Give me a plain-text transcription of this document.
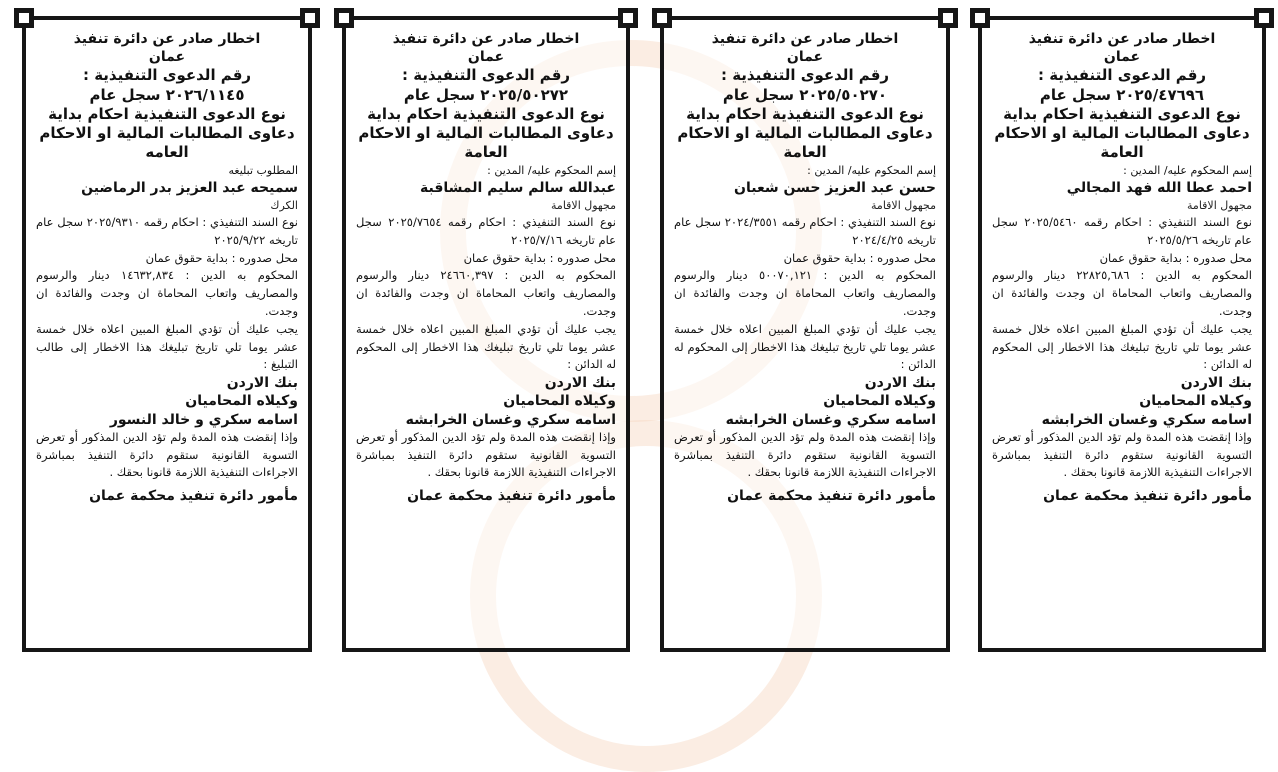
اخطار صادر عن دائرة تنفيذ
عمان
رقم الدعوى التنفيذية :
٢٠٢٥/٤٧٦٩٦ سجل عام
نوع الدعوى التنفيذية احكام بداية
دعاوى المطالبات المالية او الاحكام العامة
إسم المحكوم عليه/ المدين :
احمد عطا الله فهد المجالي
مجهول الاقامة
نوع السند التنفيذي : احكام رقمه ٢٠٢٥/٥٤٦٠ سجل عام تاريخه ٢٠٢٥/٥/٢٦
محل صدوره : بداية حقوق عمان
المحكوم به الدين : ٢٢٨٢٥,٦٨٦ دينار والرسوم والمصاريف واتعاب المحاماة ان وجدت والفائدة ان وجدت.
يجب عليك أن تؤدي المبلغ المبين اعلاه خلال خمسة عشر يوما تلي تاريخ تبليغك هذا الاخطار إلى المحكوم له الدائن :
بنك الاردن
وكيلاه المحاميان
اسامه سكري وغسان الخرابشه
وإذا إنقضت هذه المدة ولم تؤد الدين المذكور أو تعرض التسوية القانونية ستقوم دائرة التنفيذ بمباشرة الاجراءات التنفيذية اللازمة قانونا بحقك .
مأمور دائرة تنفيذ محكمة عمان
اخطار صادر عن دائرة تنفيذ
عمان
رقم الدعوى التنفيذية :
٢٠٢٥/٥٠٢٧٠ سجل عام
نوع الدعوى التنفيذية احكام بداية
دعاوى المطالبات المالية او الاحكام العامة
إسم المحكوم عليه/ المدين :
حسن عبد العزيز حسن شعبان
مجهول الاقامة
نوع السند التنفيذي : احكام رقمه ٢٠٢٤/٣٥٥١ سجل عام تاريخه ٢٠٢٤/٤/٢٥
محل صدوره : بداية حقوق عمان
المحكوم به الدين : ٥٠٠٧٠,١٢١ دينار والرسوم والمصاريف واتعاب المحاماة ان وجدت والفائدة ان وجدت.
يجب عليك أن تؤدي المبلغ المبين اعلاه خلال خمسة عشر يوما تلي تاريخ تبليغك هذا الاخطار إلى المحكوم له الدائن :
بنك الاردن
وكيلاه المحاميان
اسامه سكري وغسان الخرابشه
وإذا إنقضت هذه المدة ولم تؤد الدين المذكور أو تعرض التسوية القانونية ستقوم دائرة التنفيذ بمباشرة الاجراءات التنفيذية اللازمة قانونا بحقك .
مأمور دائرة تنفيذ محكمة عمان
اخطار صادر عن دائرة تنفيذ
عمان
رقم الدعوى التنفيذية :
٢٠٢٥/٥٠٢٧٢ سجل عام
نوع الدعوى التنفيذية احكام بداية
دعاوى المطالبات المالية او الاحكام العامة
إسم المحكوم عليه/ المدين :
عبدالله سالم سليم المشاقبة
مجهول الاقامة
نوع السند التنفيذي : احكام رقمه ٢٠٢٥/٧٦٥٤ سجل عام تاريخه ٢٠٢٥/٧/١٦
محل صدوره : بداية حقوق عمان
المحكوم به الدين : ٢٤٦٦٠,٣٩٧ دينار والرسوم والمصاريف واتعاب المحاماة ان وجدت والفائدة ان وجدت.
يجب عليك أن تؤدي المبلغ المبين اعلاه خلال خمسة عشر يوما تلي تاريخ تبليغك هذا الاخطار إلى المحكوم له الدائن :
بنك الاردن
وكيلاه المحاميان
اسامه سكري وغسان الخرابشه
وإذا إنقضت هذه المدة ولم تؤد الدين المذكور أو تعرض التسوية القانونية ستقوم دائرة التنفيذ بمباشرة الاجراءات التنفيذية اللازمة قانونا بحقك .
مأمور دائرة تنفيذ محكمة عمان
اخطار صادر عن دائرة تنفيذ
عمان
رقم الدعوى التنفيذية :
٢٠٢٦/١١٤٥ سجل عام
نوع الدعوى التنفيذية احكام بداية
دعاوى المطالبات المالية او الاحكام العامه
المطلوب تبليغه
سميحه عبد العزيز بدر الرماضين
الكرك
نوع السند التنفيذي : احكام رقمه ٢٠٢٥/٩٣١٠ سجل عام تاريخه ٢٠٢٥/٩/٢٢
محل صدوره : بداية حقوق عمان
المحكوم به الدين : ١٤٦٣٢,٨٣٤ دينار والرسوم والمصاريف واتعاب المحاماة ان وجدت والفائدة ان وجدت.
يجب عليك أن تؤدي المبلغ المبين اعلاه خلال خمسة عشر يوما تلي تاريخ تبليغك هذا الاخطار إلى طالب التبليغ :
بنك الاردن
وكيلاه المحاميان
اسامه سكري و خالد النسور
وإذا إنقضت هذه المدة ولم تؤد الدين المذكور أو تعرض التسوية القانونية ستقوم دائرة التنفيذ بمباشرة الاجراءات التنفيذية اللازمة قانونا بحقك .
مأمور دائرة تنفيذ محكمة عمان
